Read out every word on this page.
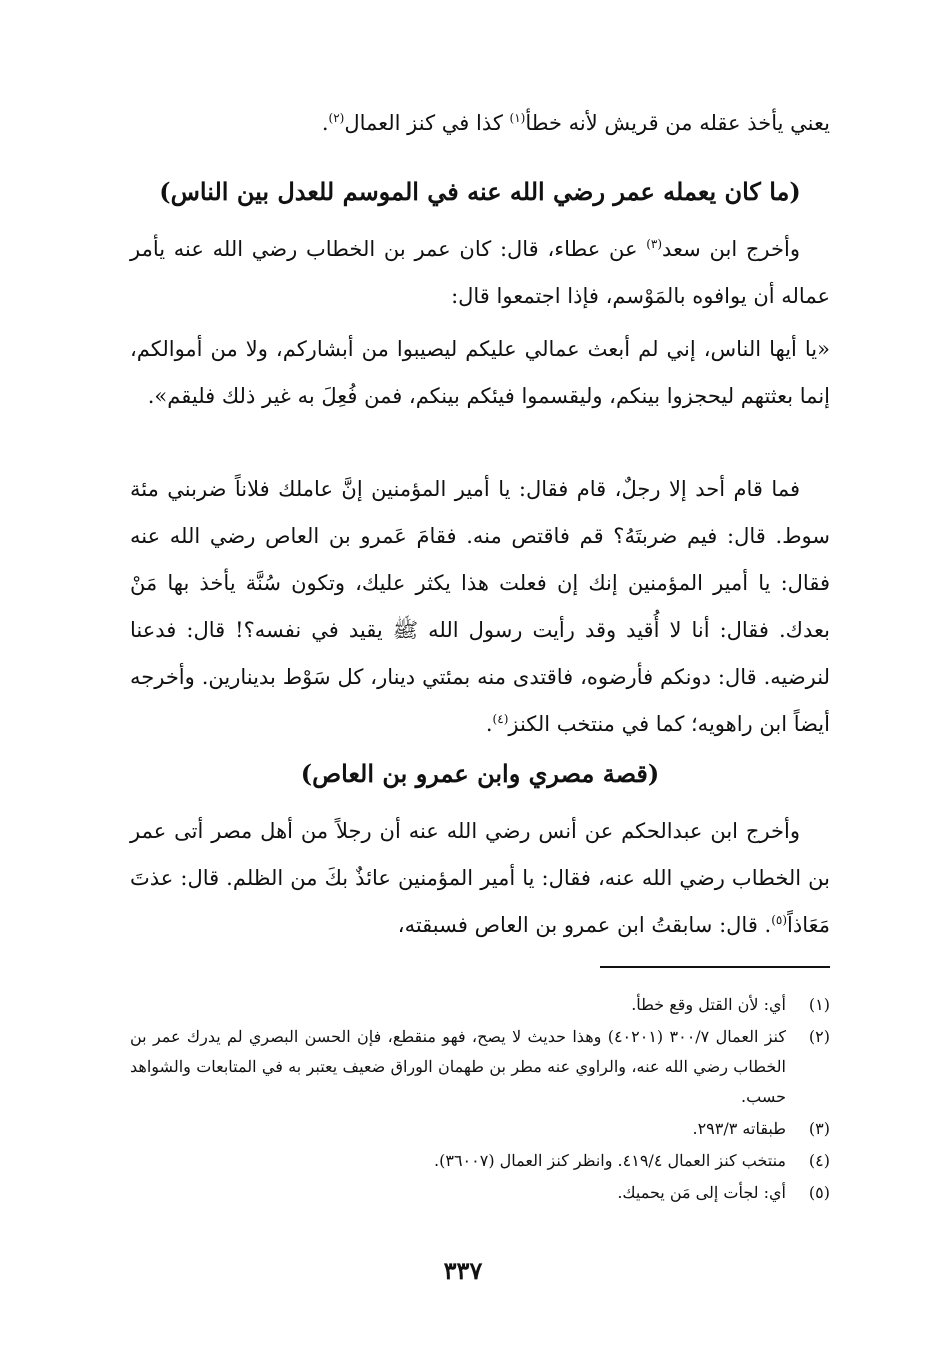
يعني يأخذ عقله من قريش لأنه خطأ$^{(١)}$ كذا في كنز العمال$^{(٢)}$.

(ما كان يعمله عمر رضي الله عنه في الموسم للعدل بين الناس)

وأخرج ابن سعد$^{(٣)}$ عن عطاء، قال: كان عمر بن الخطاب رضي الله عنه يأمر عماله أن يوافوه بالمَوْسم، فإذا اجتمعوا قال:

«يا أيها الناس، إني لم أبعث عمالي عليكم ليصيبوا من أبشاركم، ولا من أموالكم، إنما بعثتهم ليحجزوا بينكم، وليقسموا فيئكم بينكم، فمن فُعِلَ به غير ذلك فليقم».

فما قام أحد إلا رجلٌ، قام فقال: يا أمير المؤمنين إنَّ عاملك فلاناً ضربني مئة سوط. قال: فيم ضربتَهُ؟ قم فاقتص منه. فقامَ عَمرو بن العاص رضي الله عنه فقال: يا أمير المؤمنين إنك إن فعلت هذا يكثر عليك، وتكون سُنَّة يأخذ بها مَنْ بعدك. فقال: أنا لا أُقيد وقد رأيت رسول الله ﷺ يقيد في نفسه؟! قال: فدعنا لنرضيه. قال: دونكم فأرضوه، فاقتدى منه بمئتي دينار، كل سَوْط بدينارين. وأخرجه أيضاً ابن راهويه؛ كما في منتخب الكنز$^{(٤)}$.

(قصة مصري وابن عمرو بن العاص)

وأخرج ابن عبدالحكم عن أنس رضي الله عنه أن رجلاً من أهل مصر أتى عمر بن الخطاب رضي الله عنه، فقال: يا أمير المؤمنين عائذٌ بكَ من الظلم. قال: عذتَ مَعَاذاً$^{(٥)}$. قال: سابقتُ ابن عمرو بن العاص فسبقته،

(١)
أي: لأن القتل وقع خطأ.
(٢)
كنز العمال ٣٠٠/٧ (٤٠٢٠١) وهذا حديث لا يصح، فهو منقطع، فإن الحسن البصري لم يدرك عمر بن الخطاب رضي الله عنه، والراوي عنه مطر بن طهمان الوراق ضعيف يعتبر به في المتابعات والشواهد حسب.
(٣)
طبقاته ٢٩٣/٣.
(٤)
منتخب كنز العمال ٤١٩/٤. وانظر كنز العمال (٣٦٠٠٧).
(٥)
أي: لجأت إلى مَن يحميك.
٣٣٧
